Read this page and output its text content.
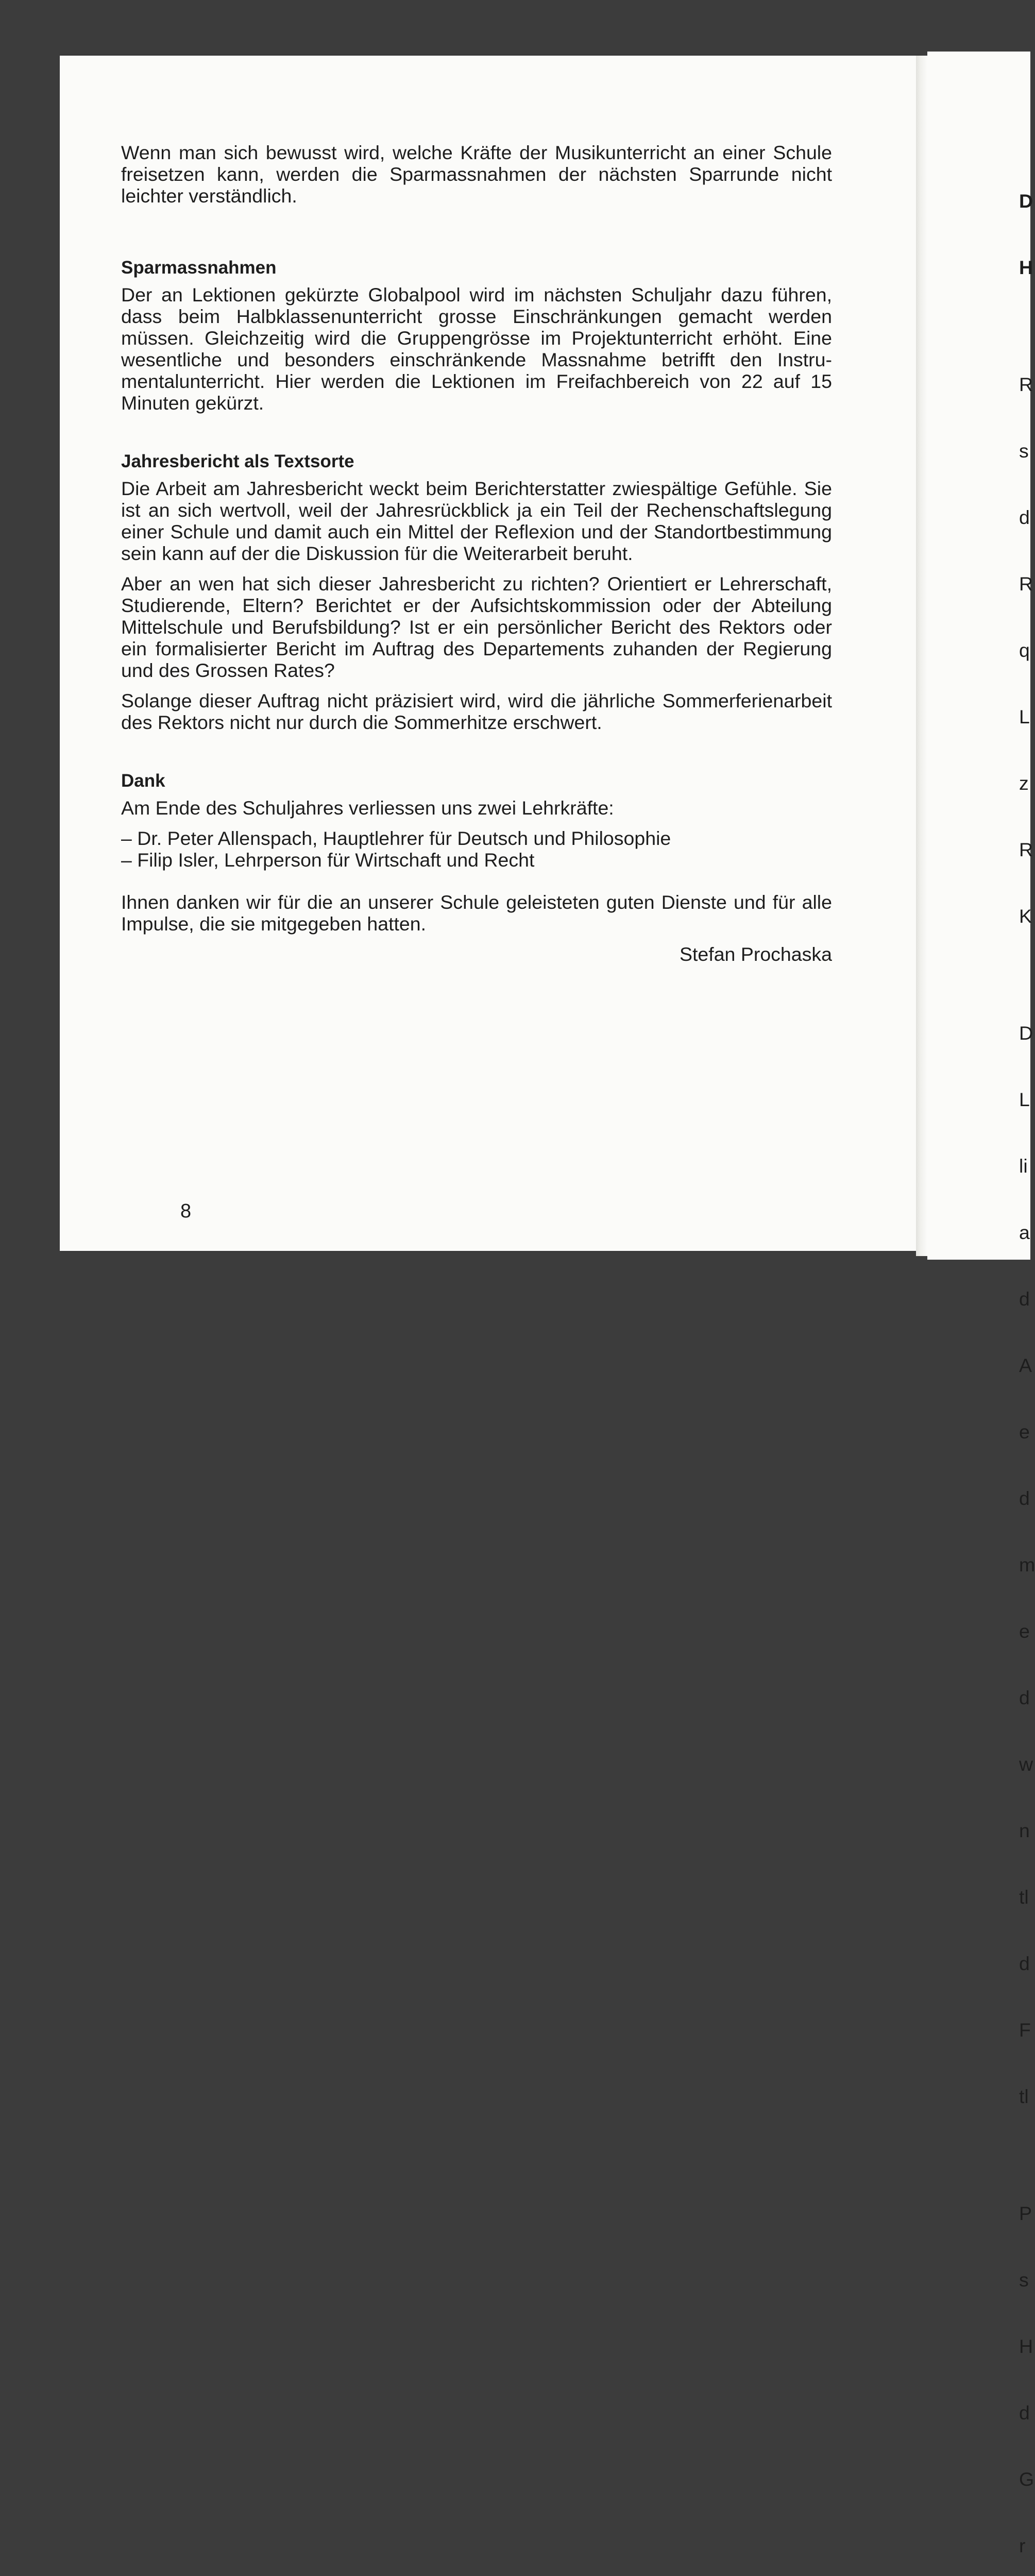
Wenn man sich bewusst wird, welche Kräfte der Musikunterricht an einer Schule freisetzen kann, werden die Sparmassnahmen der nächsten Sparrunde nicht leichter verständlich.

Sparmassnahmen

Der an Lektionen gekürzte Globalpool wird im nächsten Schuljahr dazu führen, dass beim Halbklassenunterricht grosse Einschränkungen gemacht werden müssen. Gleichzeitig wird die Gruppengrösse im Projektunterricht erhöht. Eine wesentliche und besonders einschränkende Massnahme betrifft den Instrumentalunterricht. Hier werden die Lektionen im Freifachbereich von 22 auf 15 Minuten gekürzt.

Jahresbericht als Textsorte

Die Arbeit am Jahresbericht weckt beim Berichterstatter zwiespältige Gefühle. Sie ist an sich wertvoll, weil der Jahresrückblick ja ein Teil der Rechenschaftslegung einer Schule und damit auch ein Mittel der Reflexion und der Standortbestimmung sein kann auf der die Diskussion für die Weiterarbeit beruht.

Aber an wen hat sich dieser Jahresbericht zu richten? Orientiert er Lehrerschaft, Studierende, Eltern? Berichtet er der Aufsichtskommission oder der Abteilung Mittelschule und Berufsbildung? Ist er ein persönlicher Bericht des Rektors oder ein formalisierter Bericht im Auftrag des Departements zuhanden der Regierung und des Grossen Rates?

Solange dieser Auftrag nicht präzisiert wird, wird die jährliche Sommerferienarbeit des Rektors nicht nur durch die Sommerhitze erschwert.

Dank

Am Ende des Schuljahres verliessen uns zwei Lehrkräfte:

– Dr. Peter Allenspach, Hauptlehrer für Deutsch und Philosophie

– Filip Isler, Lehrperson für Wirtschaft und Recht

Ihnen danken wir für die an unserer Schule geleisteten guten Dienste und für alle Impulse, die sie mitgegeben hatten.

Stefan Prochaska

8

D

H

R

s

d

R

q

L

z

R

K

D

L

li

a

d

A

e

d

m

e

d

w

n

tl

d

F

tl

P

s

H

d

G

r
